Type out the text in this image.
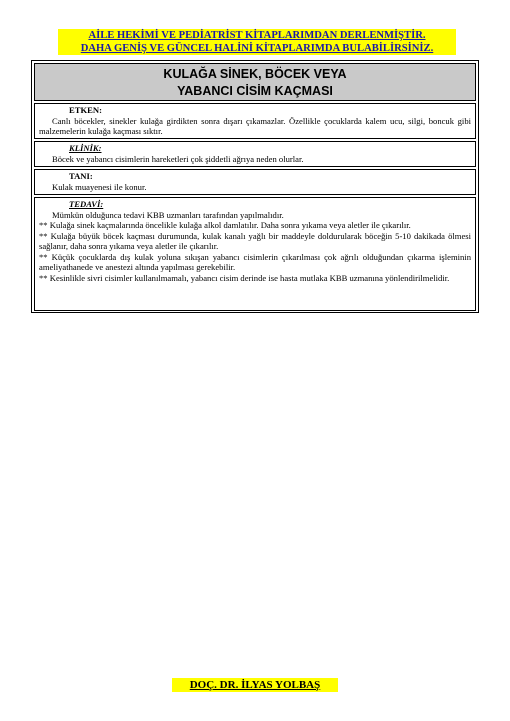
AİLE HEKİMİ VE PEDİATRİST KİTAPLARIMDAN DERLENMİŞTİR.
DAHA GENİŞ VE GÜNCEL HALİNİ KİTAPLARIMDA BULABİLİRSİNİZ.
KULAĞA SİNEK, BÖCEK VEYA
YABANCI CİSİM KAÇMASI
ETKEN:
Canlı böcekler, sinekler kulağa girdikten sonra dışarı çıkamazlar. Özellikle çocuklarda kalem ucu, silgi, boncuk gibi malzemelerin kulağa kaçması sıktır.
KLİNİK:
Böcek ve yabancı cisimlerin hareketleri çok şiddetli ağrıya neden olurlar.
TANI:
Kulak muayenesi ile konur.
TEDAVİ:
Mümkün olduğunca tedavi KBB uzmanları tarafından yapılmalıdır.
** Kulağa sinek kaçmalarında öncelikle kulağa alkol damlatılır. Daha sonra yıkama veya aletler ile çıkarılır.
** Kulağa büyük böcek kaçması durumunda, kulak kanalı yağlı bir maddeyle doldurularak böceğin 5-10 dakikada ölmesi sağlanır, daha sonra yıkama veya aletler ile çıkarılır.
** Küçük çocuklarda dış kulak yoluna sıkışan yabancı cisimlerin çıkarılması çok ağrılı olduğundan çıkarma işleminin ameliyathanede ve anestezi altında yapılması gerekebilir.
** Kesinlikle sivri cisimler kullanılmamalı, yabancı cisim derinde ise hasta mutlaka KBB uzmanına yönlendirilmelidir.
DOÇ. DR. İLYAS YOLBAŞ
